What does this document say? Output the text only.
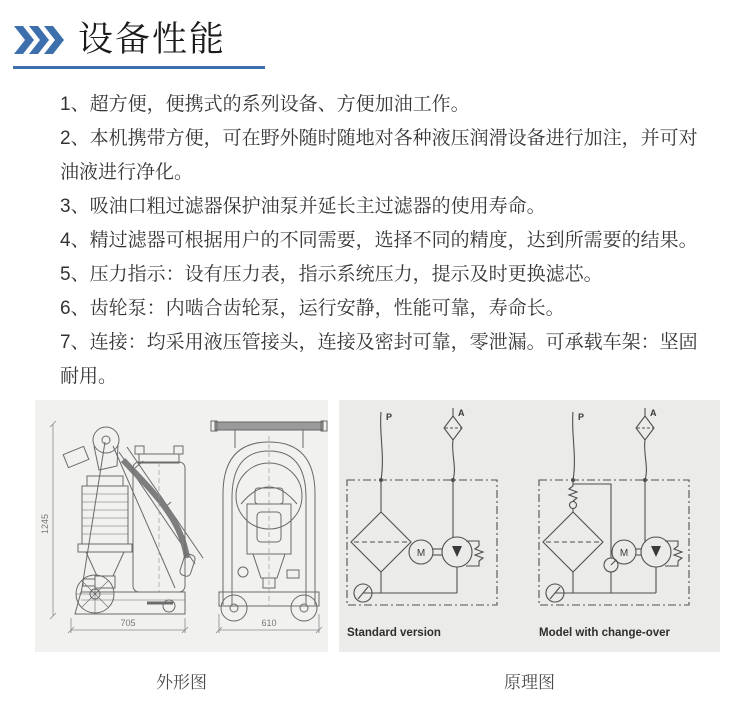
设备性能

1、超方便，便携式的系列设备、方便加油工作。

2、本机携带方便，可在野外随时随地对各种液压润滑设备进行加注，并可对油液进行净化。

3、吸油口粗过滤器保护油泵并延长主过滤器的使用寿命。

4、精过滤器可根据用户的不同需要，选择不同的精度，达到所需要的结果。

5、压力指示：设有压力表，指示系统压力，提示及时更换滤芯。

6、齿轮泵：内啮合齿轮泵，运行安静，性能可靠，寿命长。

7、连接：均采用液压管接头，连接及密封可靠，零泄漏。可承载车架：坚固耐用。

1245
705	610
P	A
M
Standard version
P	A
M
Model with change-over
外形图	原理图
